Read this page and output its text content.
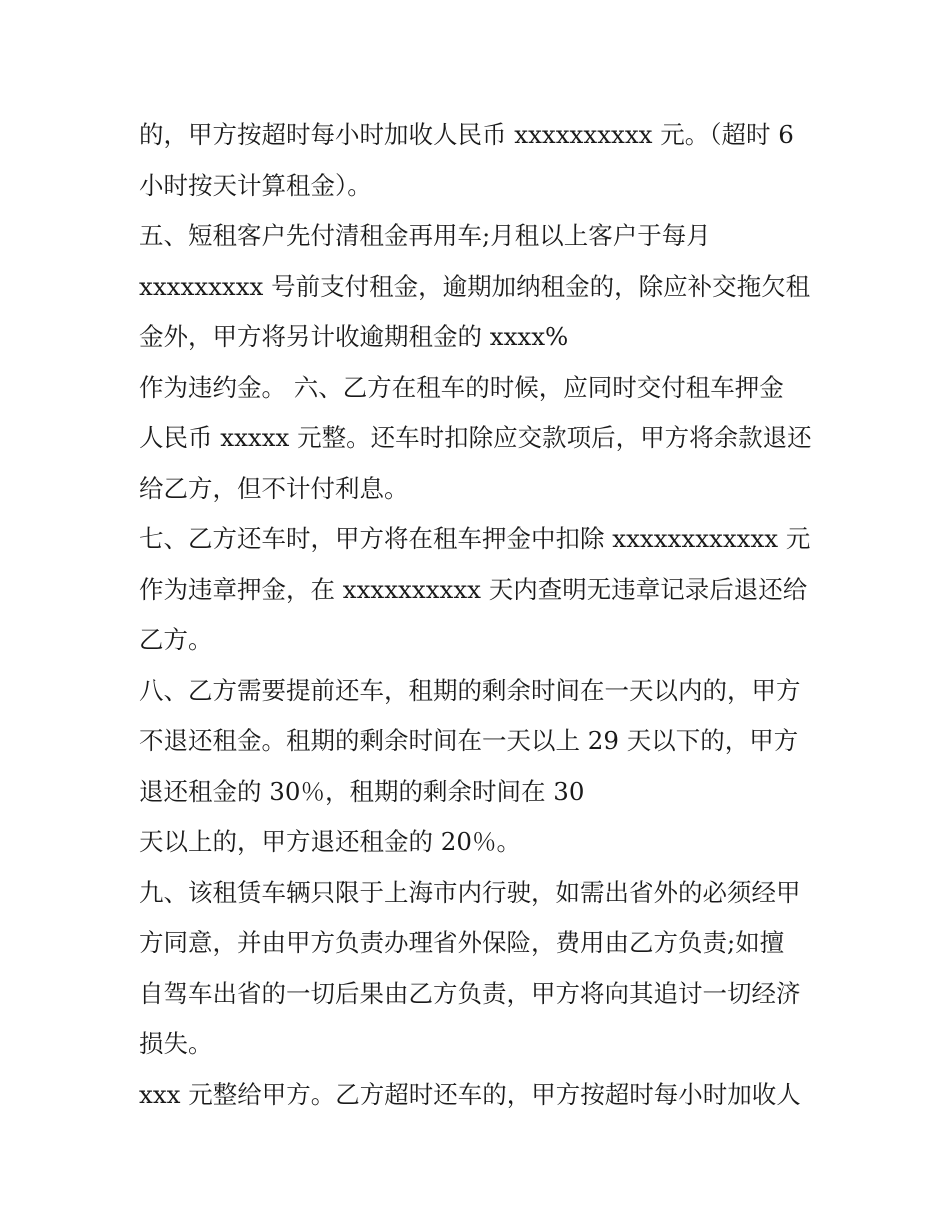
的，甲方按超时每小时加收人民币 xxxxxxxxxx 元。（超时 6
小时按天计算租金）。
五、短租客户先付清租金再用车;月租以上客户于每月
xxxxxxxxx 号前支付租金，逾期加纳租金的，除应补交拖欠租
金外，甲方将另计收逾期租金的 xxxx%
作为违约金。 六、乙方在租车的时候，应同时交付租车押金
人民币 xxxxx 元整。还车时扣除应交款项后，甲方将余款退还
给乙方，但不计付利息。
七、乙方还车时，甲方将在租车押金中扣除 xxxxxxxxxxxx 元
作为违章押金，在 xxxxxxxxxx 天内查明无违章记录后退还给
乙方。
八、乙方需要提前还车，租期的剩余时间在一天以内的，甲方
不退还租金。租期的剩余时间在一天以上 29 天以下的，甲方
退还租金的 30％，租期的剩余时间在 30
天以上的，甲方退还租金的 20％。
九、该租赁车辆只限于上海市内行驶，如需出省外的必须经甲
方同意，并由甲方负责办理省外保险，费用由乙方负责;如擅
自驾车出省的一切后果由乙方负责，甲方将向其追讨一切经济
损失。
xxx 元整给甲方。乙方超时还车的，甲方按超时每小时加收人
